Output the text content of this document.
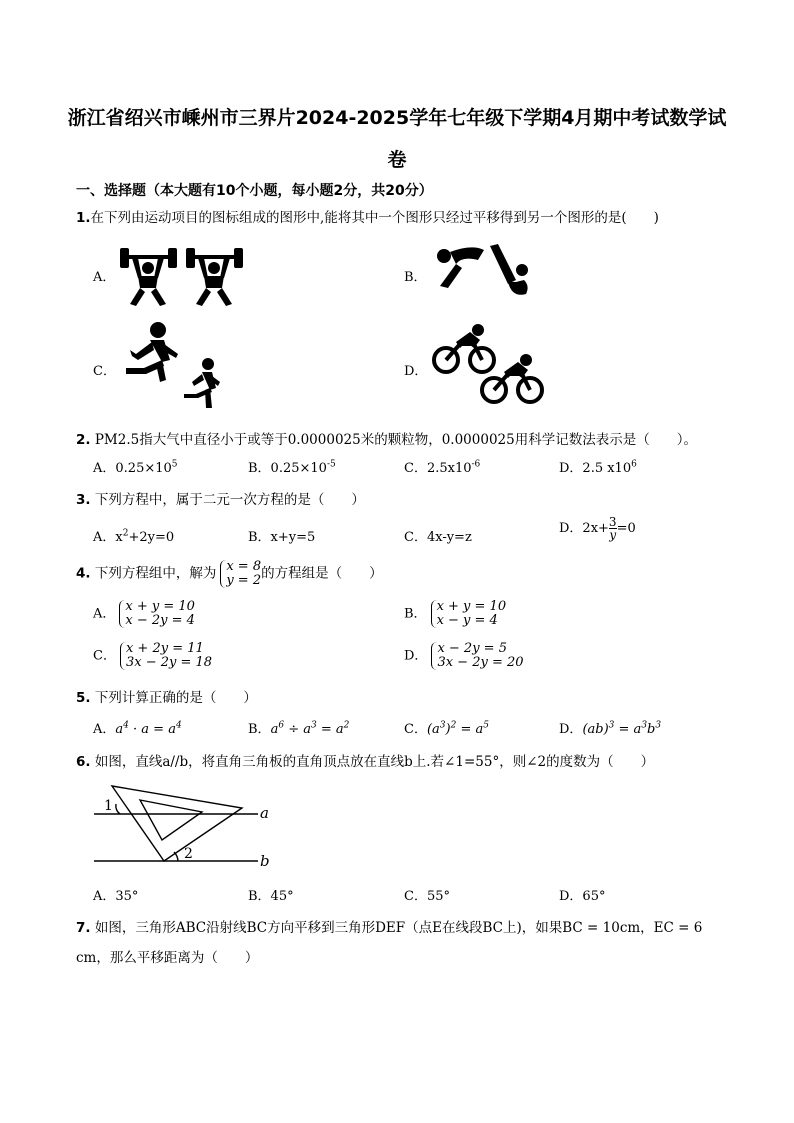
浙江省绍兴市嵊州市三界片2024-2025学年七年级下学期4月期中考试数学试
卷
一、选择题（本大题有10个小题，每小题2分，共20分）
1.在下列由运动项目的图标组成的图形中,能将其中一个图形只经过平移得到另一个图形的是(　　)
A．	B．
C．	D．
2. PM2.5指大气中直径小于或等于0.0000025米的颗粒物，0.0000025用科学记数法表示是（　　）。
A．$0.25\times 10^5$	B．$0.25\times 10^{-5}$	C．$2.5x10^{-6}$	D．2.5 $x10^6$
3. 下列方程中，属于二元一次方程的是（　　）
A．$x^2+2y=0$	B．x+y=5	C．4x-y=z
D．$2x+ \frac{3}{y} =0$
4. 下列方程组中，解为 x = 8
y = 2的方程组是（　　）
A． x + y = 10
x − 2y = 4	B． x + y = 10
x − y = 4
C． x + 2y = 11
3x − 2y = 18	D． x − 2y = 5
3x − 2y = 20
5. 下列计算正确的是（　　）
A．$a^4 \cdot a = a^4$	B．$a^6 \div a^3 = a^2$	C．$(a^3)^2 = a^5$	D．$(ab)^3 = a^3b^3$
6. 如图，直线a//b，将直角三角板的直角顶点放在直线b上.若∠1=55°，则∠2的度数为（　　）
1
2
a
b
A．35°	B．45°	C．55°	D．65°
7. 如图，三角形ABC沿射线BC方向平移到三角形DEF（点E在线段BC上)，如果BC = 10cm，EC = 6
cm，那么平移距离为（　　）
